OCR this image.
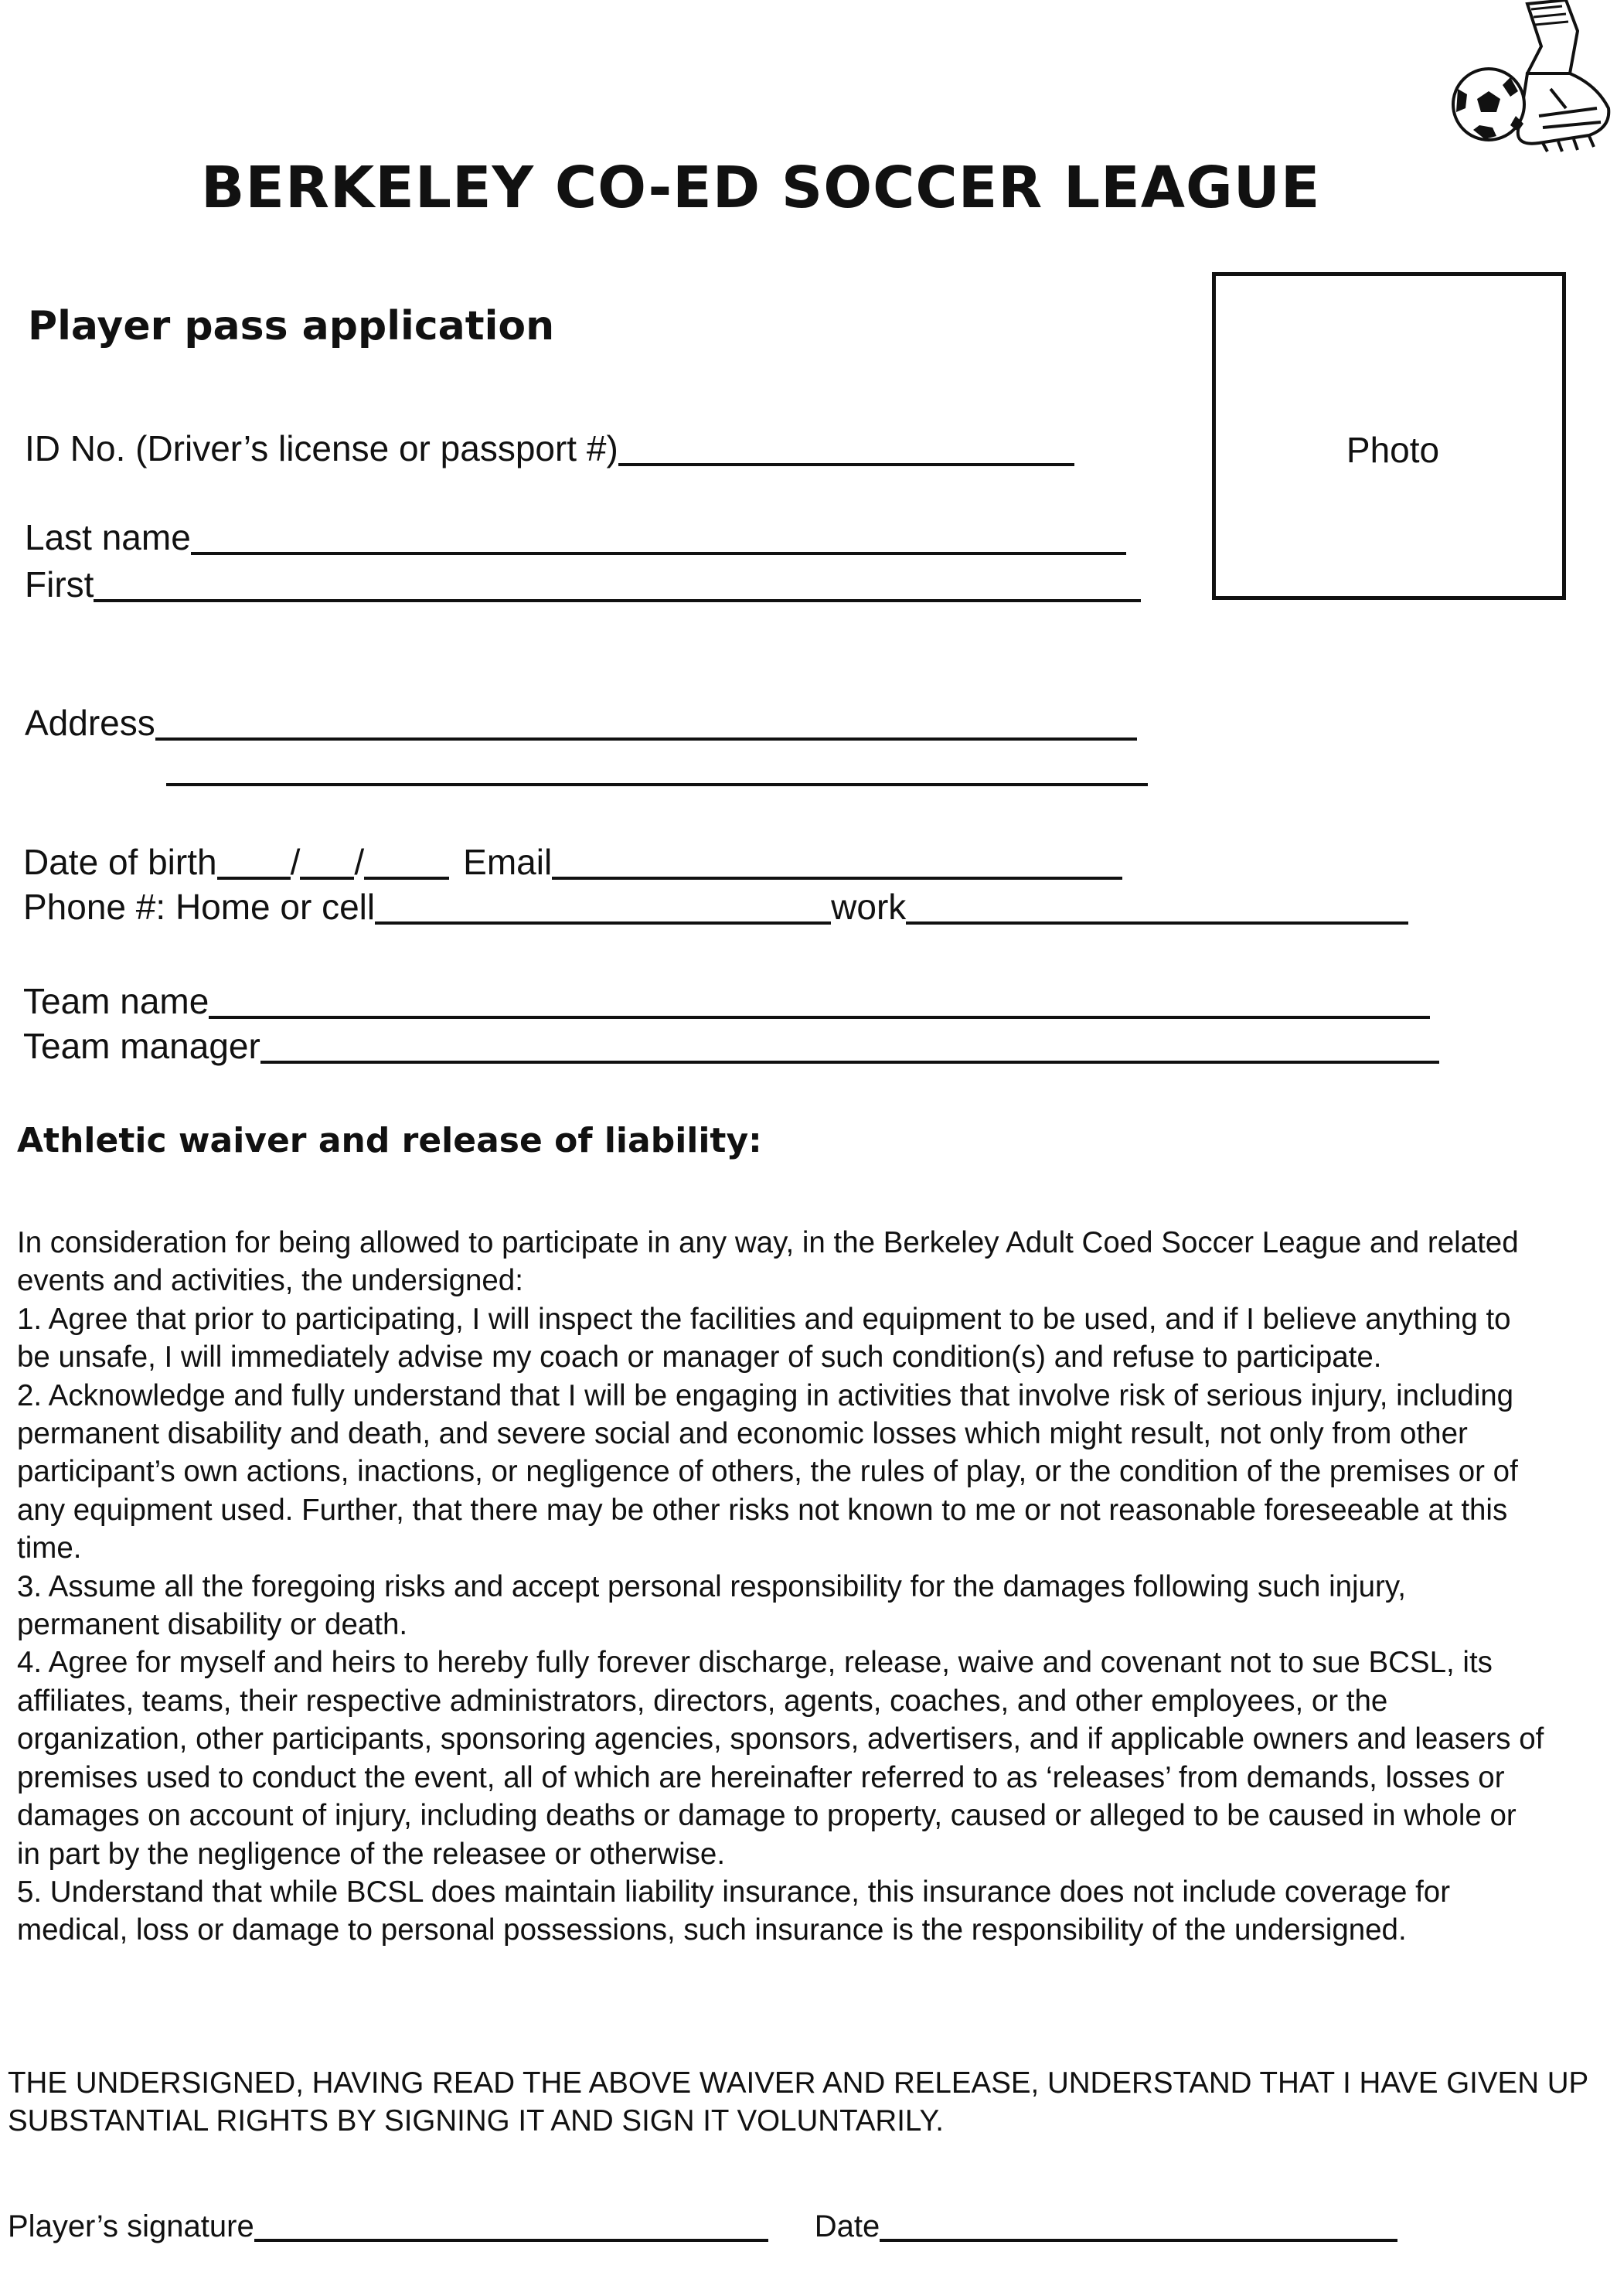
BERKELEY CO-ED SOCCER LEAGUE
Player pass application
Photo
ID No. (Driver’s license or passport #)
Last name
First
Address
Date of birth / /	Email
Phone #: Home or cell	work
Team name
Team manager
Athletic waiver and release of liability:

In consideration for being allowed to participate in any way, in the Berkeley Adult Coed Soccer League and related events and activities, the undersigned:

1. Agree that prior to participating, I will inspect the facilities and equipment to be used, and if I believe anything to be unsafe, I will immediately advise my coach or manager of such condition(s) and refuse to participate.

2. Acknowledge and fully understand that I will be engaging in activities that involve risk of serious injury, including permanent disability and death, and severe social and economic losses which might result, not only from other participant’s own actions, inactions, or negligence of others, the rules of play, or the condition of the premises or of any equipment used. Further, that there may be other risks not known to me or not reasonable foreseeable at this time.

3. Assume all the foregoing risks and accept personal responsibility for the damages following such injury, permanent disability or death.

4. Agree for myself and heirs to hereby fully forever discharge, release, waive and covenant not to sue BCSL, its affiliates, teams, their respective administrators, directors, agents, coaches, and other employees, or the organization, other participants, sponsoring agencies, sponsors, advertisers, and if applicable owners and leasers of premises used to conduct the event, all of which are hereinafter referred to as ‘releases’ from demands, losses or damages on account of injury, including deaths or damage to property, caused or alleged to be caused in whole or in part by the negligence of the releasee or otherwise.

5. Understand that while BCSL does maintain liability insurance, this insurance does not include coverage for medical, loss or damage to personal possessions, such insurance is the responsibility of the undersigned.

THE UNDERSIGNED, HAVING READ THE ABOVE WAIVER AND RELEASE, UNDERSTAND THAT I HAVE GIVEN UP SUBSTANTIAL RIGHTS BY SIGNING IT AND SIGN IT VOLUNTARILY.
Player’s signature	Date
